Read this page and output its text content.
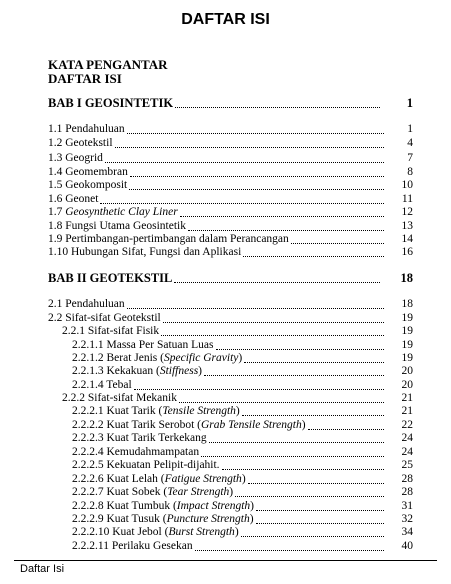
DAFTAR ISI
KATA PENGANTAR
DAFTAR ISI
BAB I GEOSINTETIK	1
1.1 Pendahuluan	1
1.2 Geotekstil	4
1.3 Geogrid	7
1.4 Geomembran	8
1.5 Geokomposit	10
1.6 Geonet	11
1.7 Geosynthetic Clay Liner	12
1.8 Fungsi Utama Geosintetik	13
1.9 Pertimbangan-pertimbangan dalam Perancangan	14
1.10 Hubungan Sifat, Fungsi dan Aplikasi	16
BAB II GEOTEKSTIL	18
2.1 Pendahuluan	18
2.2 Sifat-sifat Geotekstil	19
2.2.1 Sifat-sifat Fisik	19
2.2.1.1 Massa Per Satuan Luas	19
2.2.1.2 Berat Jenis (Specific Gravity)	19
2.2.1.3 Kekakuan (Stiffness)	20
2.2.1.4 Tebal	20
2.2.2 Sifat-sifat Mekanik	21
2.2.2.1 Kuat Tarik (Tensile Strength)	21
2.2.2.2 Kuat Tarik Serobot (Grab Tensile Strength)	22
2.2.2.3 Kuat Tarik Terkekang	24
2.2.2.4 Kemudahmampatan	24
2.2.2.5 Kekuatan Pelipit-dijahit.	25
2.2.2.6 Kuat Lelah (Fatigue Strength)	28
2.2.2.7 Kuat Sobek (Tear Strength)	28
2.2.2.8 Kuat Tumbuk (Impact Strength)	31
2.2.2.9 Kuat Tusuk (Puncture Strength)	32
2.2.2.10 Kuat Jebol (Burst Strength)	34
2.2.2.11 Perilaku Gesekan	40
Daftar Isi
